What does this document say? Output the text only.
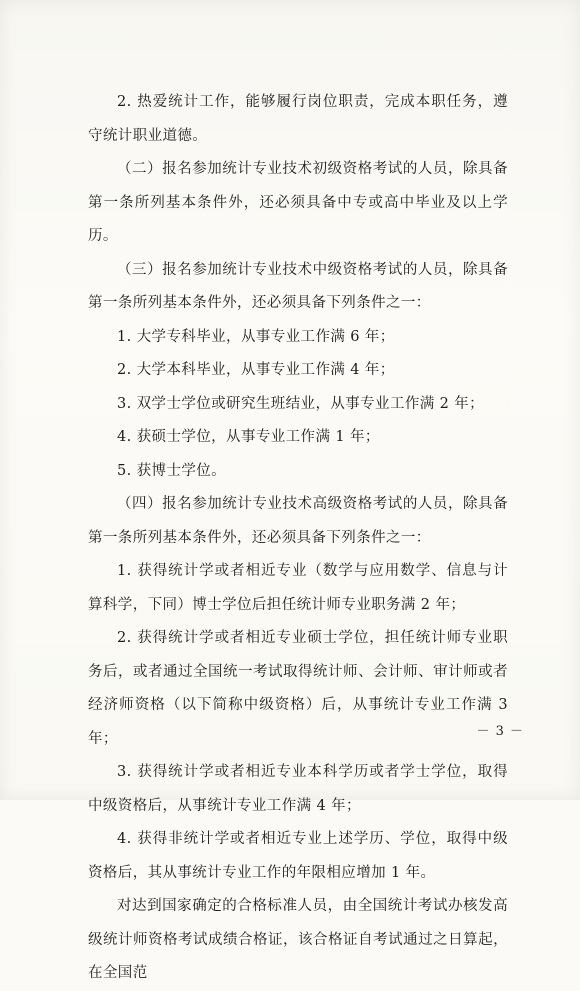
2. 热爱统计工作，能够履行岗位职责，完成本职任务，遵守统计职业道德。

（二）报名参加统计专业技术初级资格考试的人员，除具备第一条所列基本条件外，还必须具备中专或高中毕业及以上学历。

（三）报名参加统计专业技术中级资格考试的人员，除具备第一条所列基本条件外，还必须具备下列条件之一：

1. 大学专科毕业，从事专业工作满 6 年；

2. 大学本科毕业，从事专业工作满 4 年；

3. 双学士学位或研究生班结业，从事专业工作满 2 年；

4. 获硕士学位，从事专业工作满 1 年；

5. 获博士学位。

（四）报名参加统计专业技术高级资格考试的人员，除具备第一条所列基本条件外，还必须具备下列条件之一：

1. 获得统计学或者相近专业（数学与应用数学、信息与计算科学，下同）博士学位后担任统计师专业职务满 2 年；

2. 获得统计学或者相近专业硕士学位，担任统计师专业职务后，或者通过全国统一考试取得统计师、会计师、审计师或者经济师资格（以下简称中级资格）后，从事统计专业工作满 3 年；

3. 获得统计学或者相近专业本科学历或者学士学位，取得中级资格后，从事统计专业工作满 4 年；

4. 获得非统计学或者相近专业上述学历、学位，取得中级资格后，其从事统计专业工作的年限相应增加 1 年。

对达到国家确定的合格标准人员，由全国统计考试办核发高级统计师资格考试成绩合格证，该合格证自考试通过之日算起，在全国范

－ 3 －
